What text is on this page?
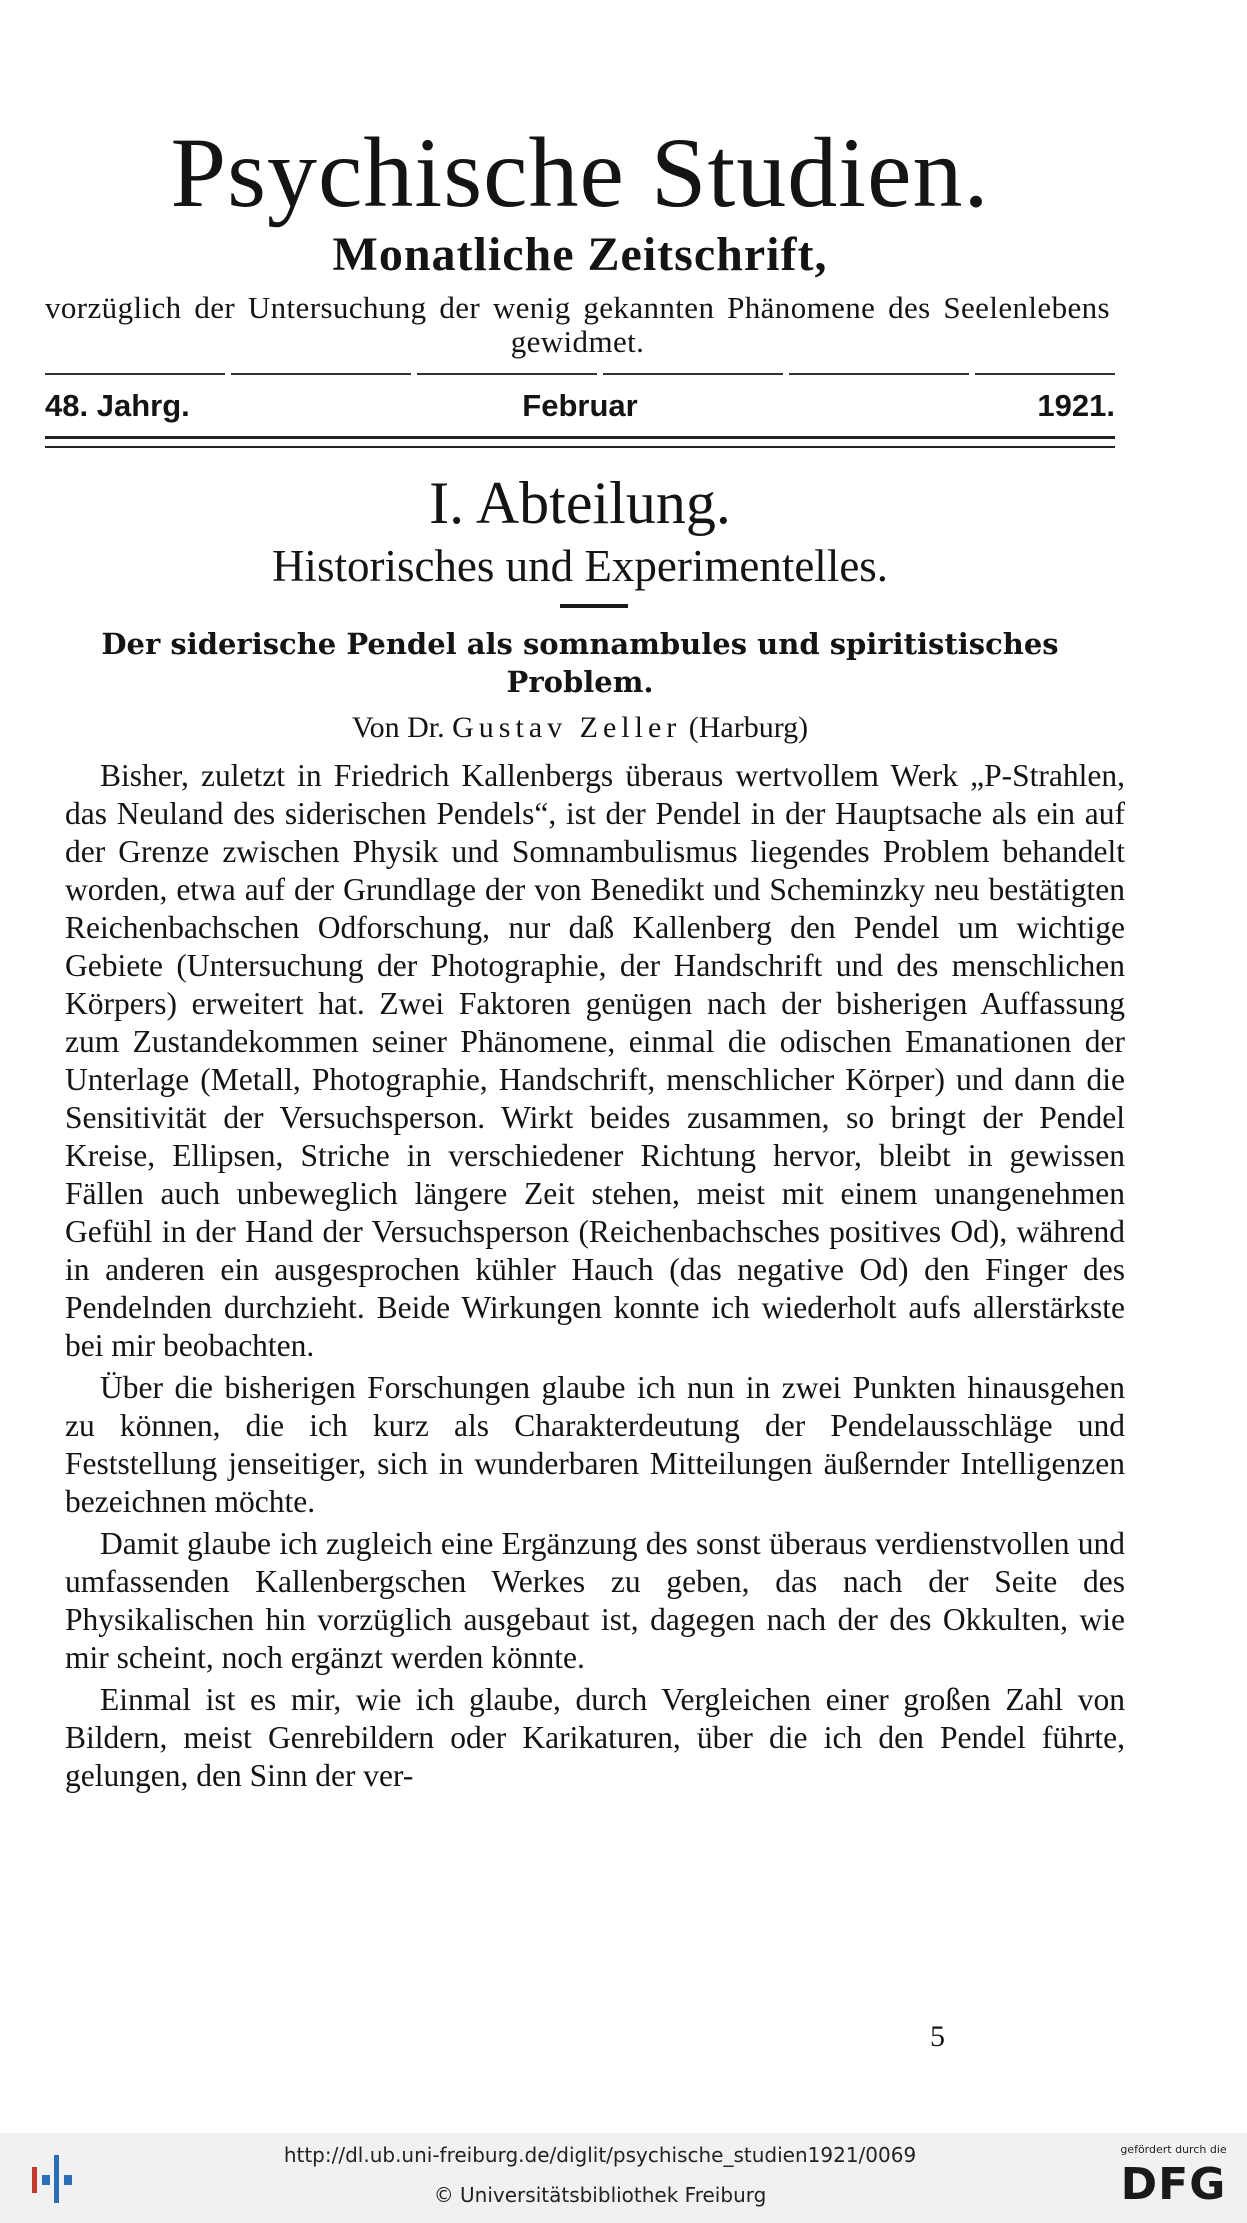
Psychische Studien.
Monatliche Zeitschrift,
vorzüglich der Untersuchung der wenig gekannten Phänomene des Seelenlebens gewidmet.
48. Jahrg.	Februar	1921.
I. Abteilung.
Historisches und Experimentelles.
Der siderische Pendel als somnambules und spiritistisches Problem.
Von Dr. Gustav Zeller (Harburg)

Bisher, zuletzt in Friedrich Kallenbergs überaus wertvollem Werk „P-Strahlen, das Neuland des siderischen Pendels“, ist der Pendel in der Hauptsache als ein auf der Grenze zwischen Physik und Somnambulismus liegendes Problem behandelt worden, etwa auf der Grundlage der von Benedikt und Scheminzky neu bestätigten Reichenbachschen Odforschung, nur daß Kallenberg den Pendel um wichtige Gebiete (Untersuchung der Photographie, der Handschrift und des menschlichen Körpers) erweitert hat. Zwei Faktoren genügen nach der bisherigen Auffassung zum Zustandekommen seiner Phänomene, einmal die odischen Emanationen der Unterlage (Metall, Photographie, Handschrift, menschlicher Körper) und dann die Sensitivität der Versuchsperson. Wirkt beides zusammen, so bringt der Pendel Kreise, Ellipsen, Striche in verschiedener Richtung hervor, bleibt in gewissen Fällen auch unbeweglich längere Zeit stehen, meist mit einem unangenehmen Gefühl in der Hand der Versuchsperson (Reichenbachsches positives Od), während in anderen ein ausgesprochen kühler Hauch (das negative Od) den Finger des Pendelnden durchzieht. Beide Wirkungen konnte ich wiederholt aufs allerstärkste bei mir beobachten.

Über die bisherigen Forschungen glaube ich nun in zwei Punkten hinausgehen zu können, die ich kurz als Charakterdeutung der Pendelausschläge und Feststellung jenseitiger, sich in wunderbaren Mitteilungen äußernder Intelligenzen bezeichnen möchte.

Damit glaube ich zugleich eine Ergänzung des sonst überaus verdienstvollen und umfassenden Kallenbergschen Werkes zu geben, das nach der Seite des Physikalischen hin vorzüglich ausgebaut ist, dagegen nach der des Okkulten, wie mir scheint, noch ergänzt werden könnte.

Einmal ist es mir, wie ich glaube, durch Vergleichen einer großen Zahl von Bildern, meist Genrebildern oder Karikaturen, über die ich den Pendel führte, gelungen, den Sinn der ver-

5
http://dl.ub.uni-freiburg.de/diglit/psychische_studien1921/0069
© Universitätsbibliothek Freiburg
gefördert durch die
DFG
